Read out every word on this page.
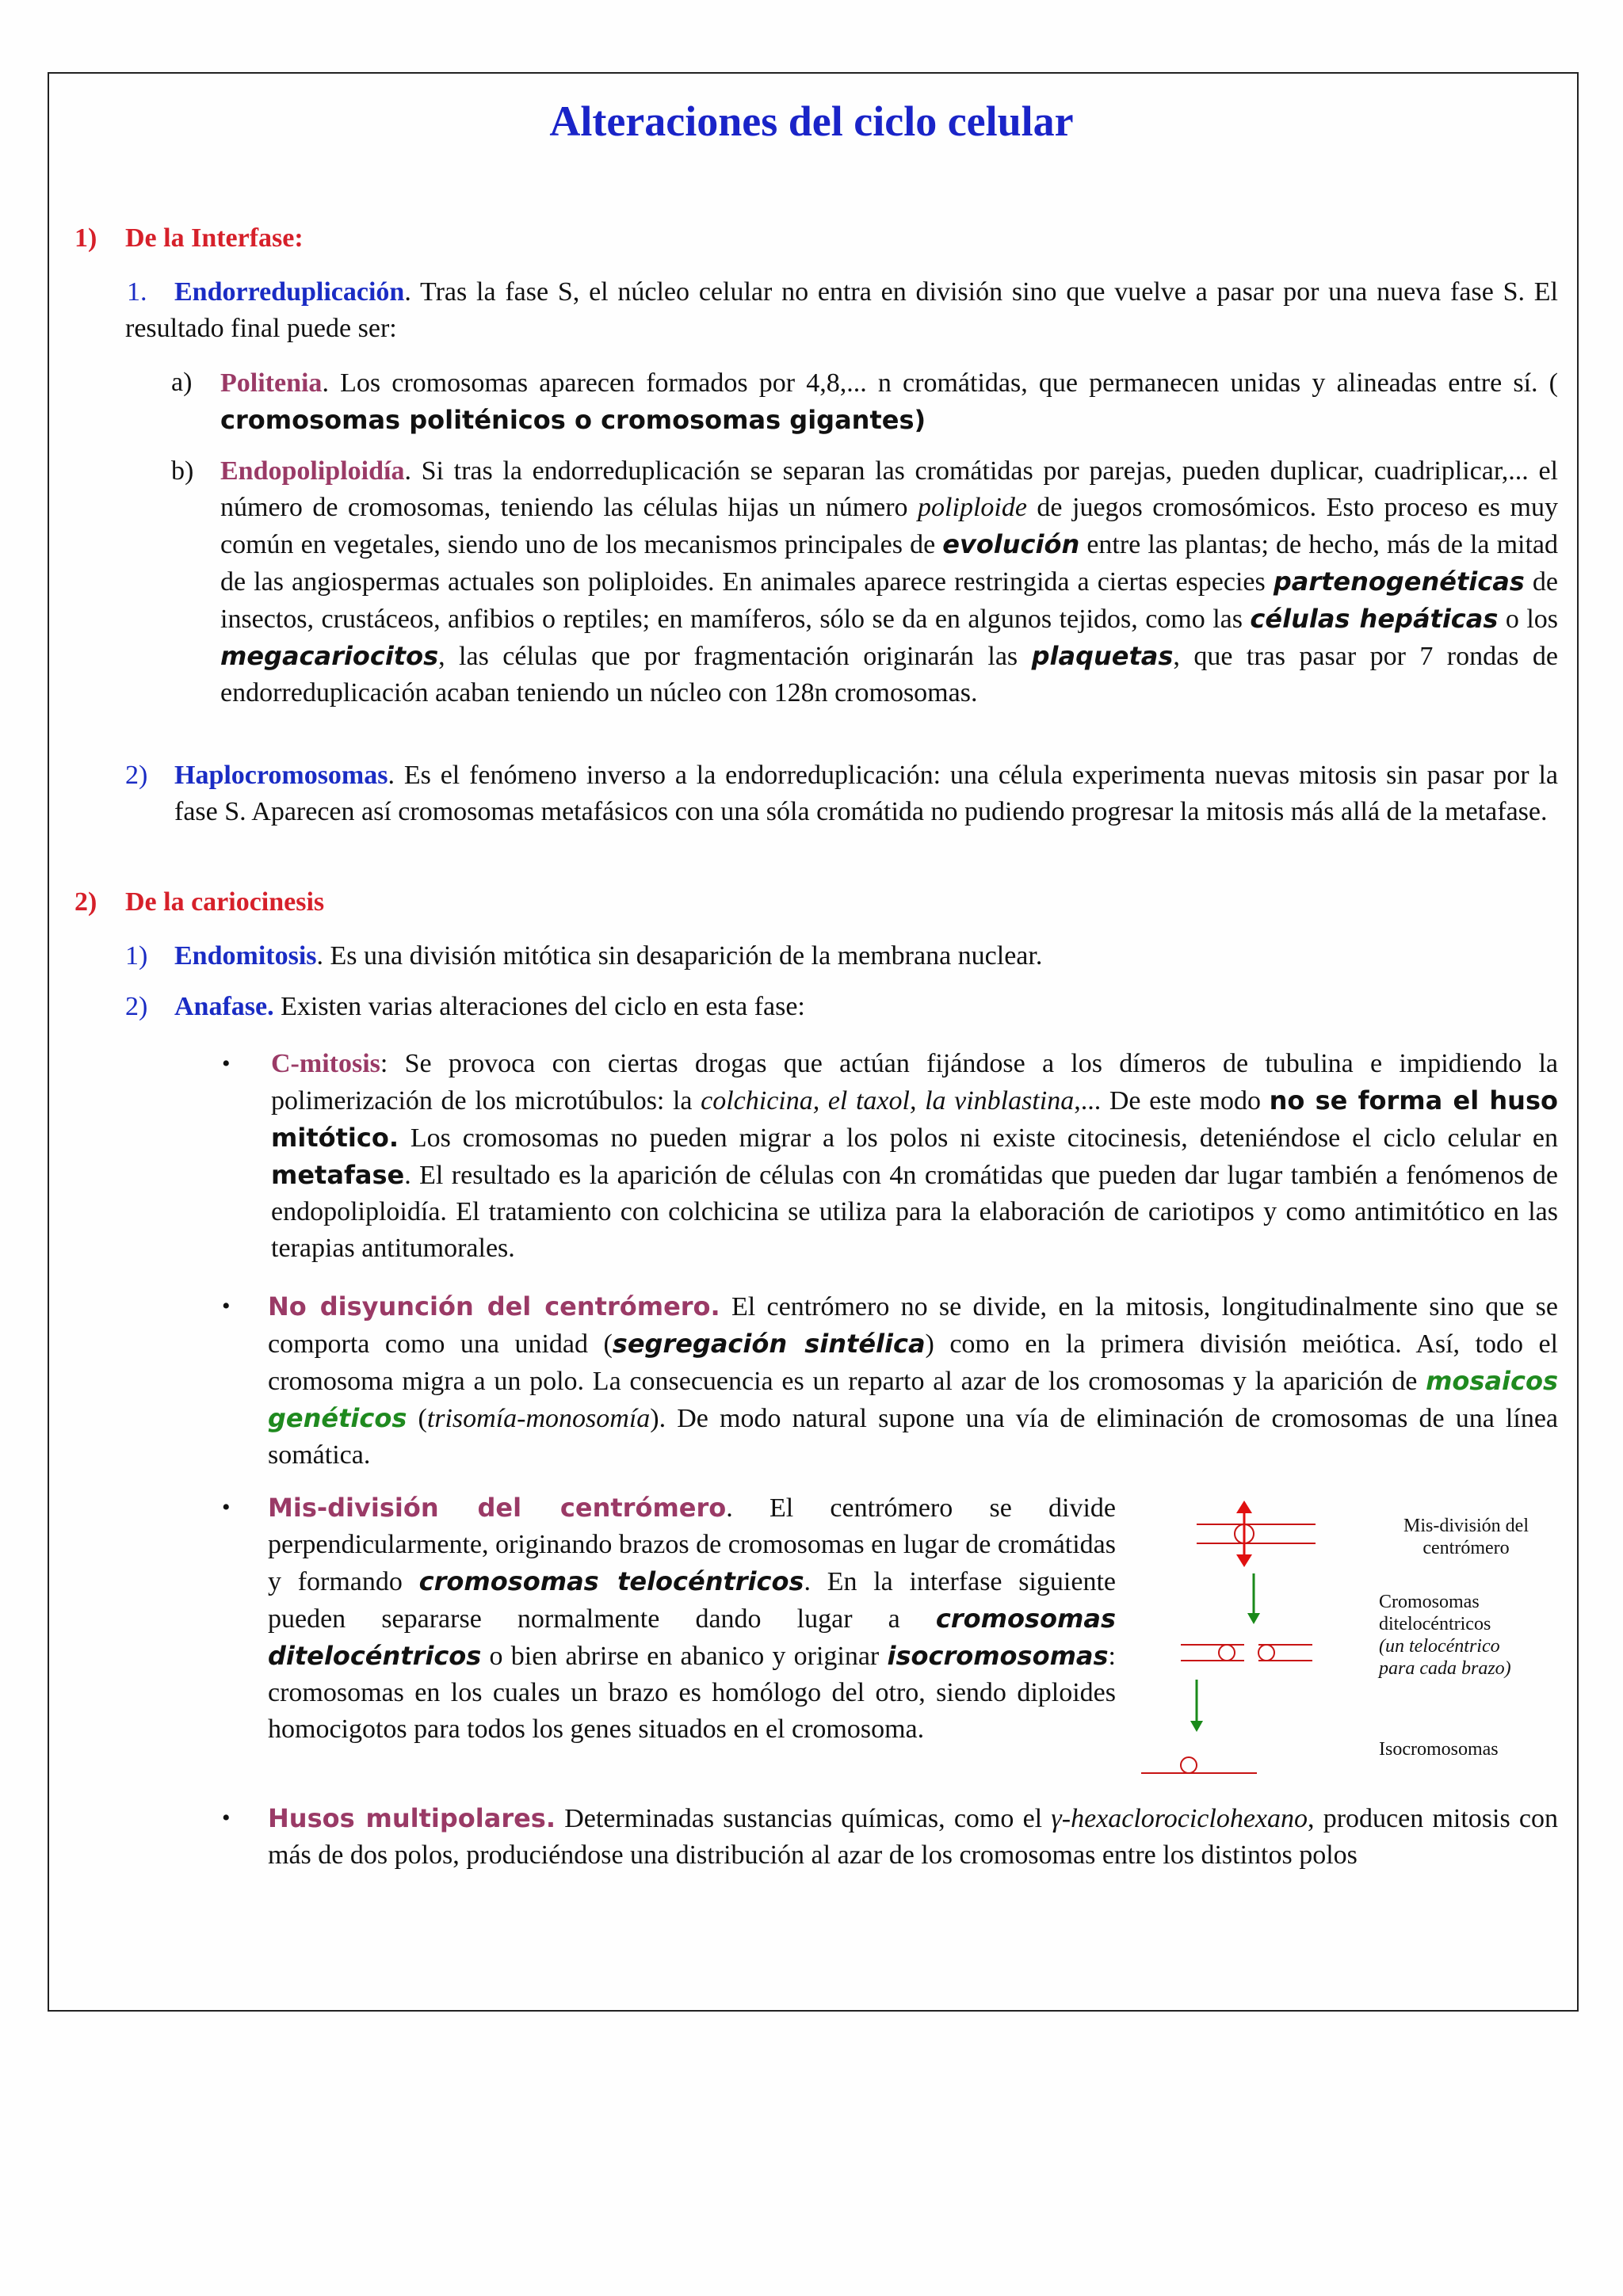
Alteraciones del ciclo celular
1) De la Interfase:
1.	Endorreduplicación. Tras la fase S, el núcleo celular no entra en división sino que vuelve a pasar por una nueva fase S. El resultado final puede ser:
a) Politenia. Los cromosomas aparecen formados por 4,8,... n cromátidas, que permanecen unidas y alineadas entre sí. ( cromosomas politénicos o cromosomas gigantes)
b) Endopoliploidía. Si tras la endorreduplicación se separan las cromátidas por parejas, pueden duplicar, cuadriplicar,... el número de cromosomas, teniendo las células hijas un número poliploide de juegos cromosómicos. Esto proceso es muy común en vegetales, siendo uno de los mecanismos principales de evolución entre las plantas; de hecho, más de la mitad de las angiospermas actuales son poliploides. En animales aparece restringida a ciertas especies partenogenéticas de insectos, crustáceos, anfibios o reptiles; en mamíferos, sólo se da en algunos tejidos, como las células hepáticas o los megacariocitos, las células que por fragmentación originarán las plaquetas, que tras pasar por 7 rondas de endorreduplicación acaban teniendo un núcleo con 128n cromosomas.
2) Haplocromosomas. Es el fenómeno inverso a la endorreduplicación: una célula experimenta nuevas mitosis sin pasar por la fase S. Aparecen así cromosomas metafásicos con una sóla cromátida no pudiendo progresar la mitosis más allá de la metafase.
2) De la cariocinesis
1) Endomitosis. Es una división mitótica sin desaparición de la membrana nuclear.
2) Anafase. Existen varias alteraciones del ciclo en esta fase:
• C-mitosis: Se provoca con ciertas drogas que actúan fijándose a los dímeros de tubulina e impidiendo la polimerización de los microtúbulos: la colchicina, el taxol, la vinblastina,... De este modo no se forma el huso mitótico. Los cromosomas no pueden migrar a los polos ni existe citocinesis, deteniéndose el ciclo celular en metafase. El resultado es la aparición de células con 4n cromátidas que pueden dar lugar también a fenómenos de endopoliploidía. El tratamiento con colchicina se utiliza para la elaboración de cariotipos y como antimitótico en las terapias antitumorales.
• No disyunción del centrómero. El centrómero no se divide, en la mitosis, longitudinalmente sino que se comporta como una unidad (segregación sintélica) como en la primera división meiótica. Así, todo el cromosoma migra a un polo. La consecuencia es un reparto al azar de los cromosomas y la aparición de mosaicos genéticos (trisomía-monosomía). De modo natural supone una vía de eliminación de cromosomas de una línea somática.
• Mis-división del centrómero. El centrómero se divide perpendicularmente, originando brazos de cromosomas en lugar de cromátidas y formando cromosomas telocéntricos. En la interfase siguiente pueden separarse normalmente dando lugar a cromosomas ditelocéntricos o bien abrirse en abanico y originar isocromosomas: cromosomas en los cuales un brazo es homólogo del otro, siendo diploides homocigotos para todos los genes situados en el cromosoma.
Mis-división del
centrómero
Cromosomas
ditelocéntricos
(un telocéntrico
para cada brazo)
Isocromosomas
• Husos multipolares. Determinadas sustancias químicas, como el γ-hexaclorociclohexano, producen mitosis con más de dos polos, produciéndose una distribución al azar de los cromosomas entre los distintos polos
